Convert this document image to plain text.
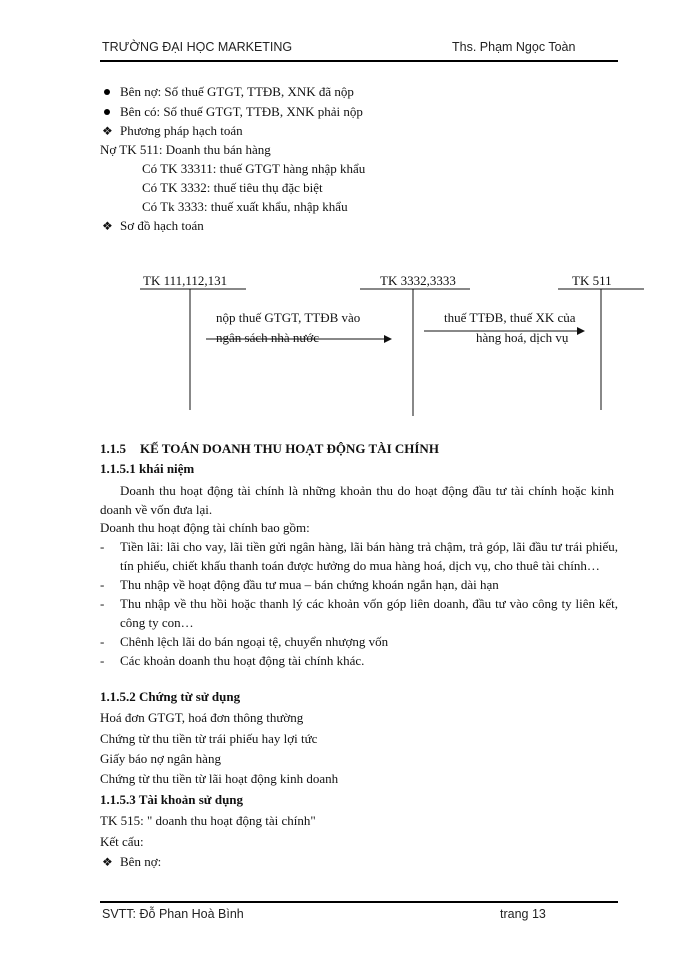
TRƯỜNG ĐẠI HỌC MARKETING	Ths. Phạm Ngọc Toàn
Bên nợ: Số thuế GTGT, TTĐB, XNK đã nộp
Bên có: Số thuế GTGT, TTĐB, XNK phải nộp
❖ Phương pháp hạch toán
Nợ TK 511: Doanh thu bán hàng
Có TK 33311: thuế GTGT hàng nhập khẩu
Có TK 3332: thuế tiêu thụ đặc biệt
Có Tk 3333: thuế xuất khẩu, nhập khẩu
❖ Sơ đồ hạch toán
TK 111,112,131	TK 3332,3333	TK 511
nộp thuế GTGT, TTĐB vào
ngân sách nhà nước
thuế TTĐB, thuế XK của
hàng hoá, dịch vụ
1.1.5 KẾ TOÁN DOANH THU HOẠT ĐỘNG TÀI CHÍNH
1.1.5.1 khái niệm
Doanh thu hoạt động tài chính là những khoản thu do hoạt động đầu tư tài chính hoặc kinh doanh về vốn đưa lại.
Doanh thu hoạt động tài chính bao gồm:
-	Tiền lãi: lãi cho vay, lãi tiền gửi ngân hàng, lãi bán hàng trả chậm, trả góp, lãi đầu tư trái phiếu, tín phiếu, chiết khấu thanh toán được hưởng do mua hàng hoá, dịch vụ, cho thuê tài chính…
-	Thu nhập về hoạt động đầu tư mua – bán chứng khoán ngắn hạn, dài hạn
-	Thu nhập về thu hồi hoặc thanh lý các khoản vốn góp liên doanh, đầu tư vào công ty liên kết, công ty con…
-	Chênh lệch lãi do bán ngoại tệ, chuyển nhượng vốn
-	Các khoản doanh thu hoạt động tài chính khác.
1.1.5.2 Chứng từ sử dụng
Hoá đơn GTGT, hoá đơn thông thường
Chứng từ thu tiền từ trái phiếu hay lợi tức
Giấy báo nợ ngân hàng
Chứng từ thu tiền từ lãi hoạt động kinh doanh
1.1.5.3 Tài khoản sử dụng
TK 515: " doanh thu hoạt động tài chính"
Kết cấu:
❖ Bên nợ:
SVTT: Đỗ Phan Hoà Bình	trang 13
